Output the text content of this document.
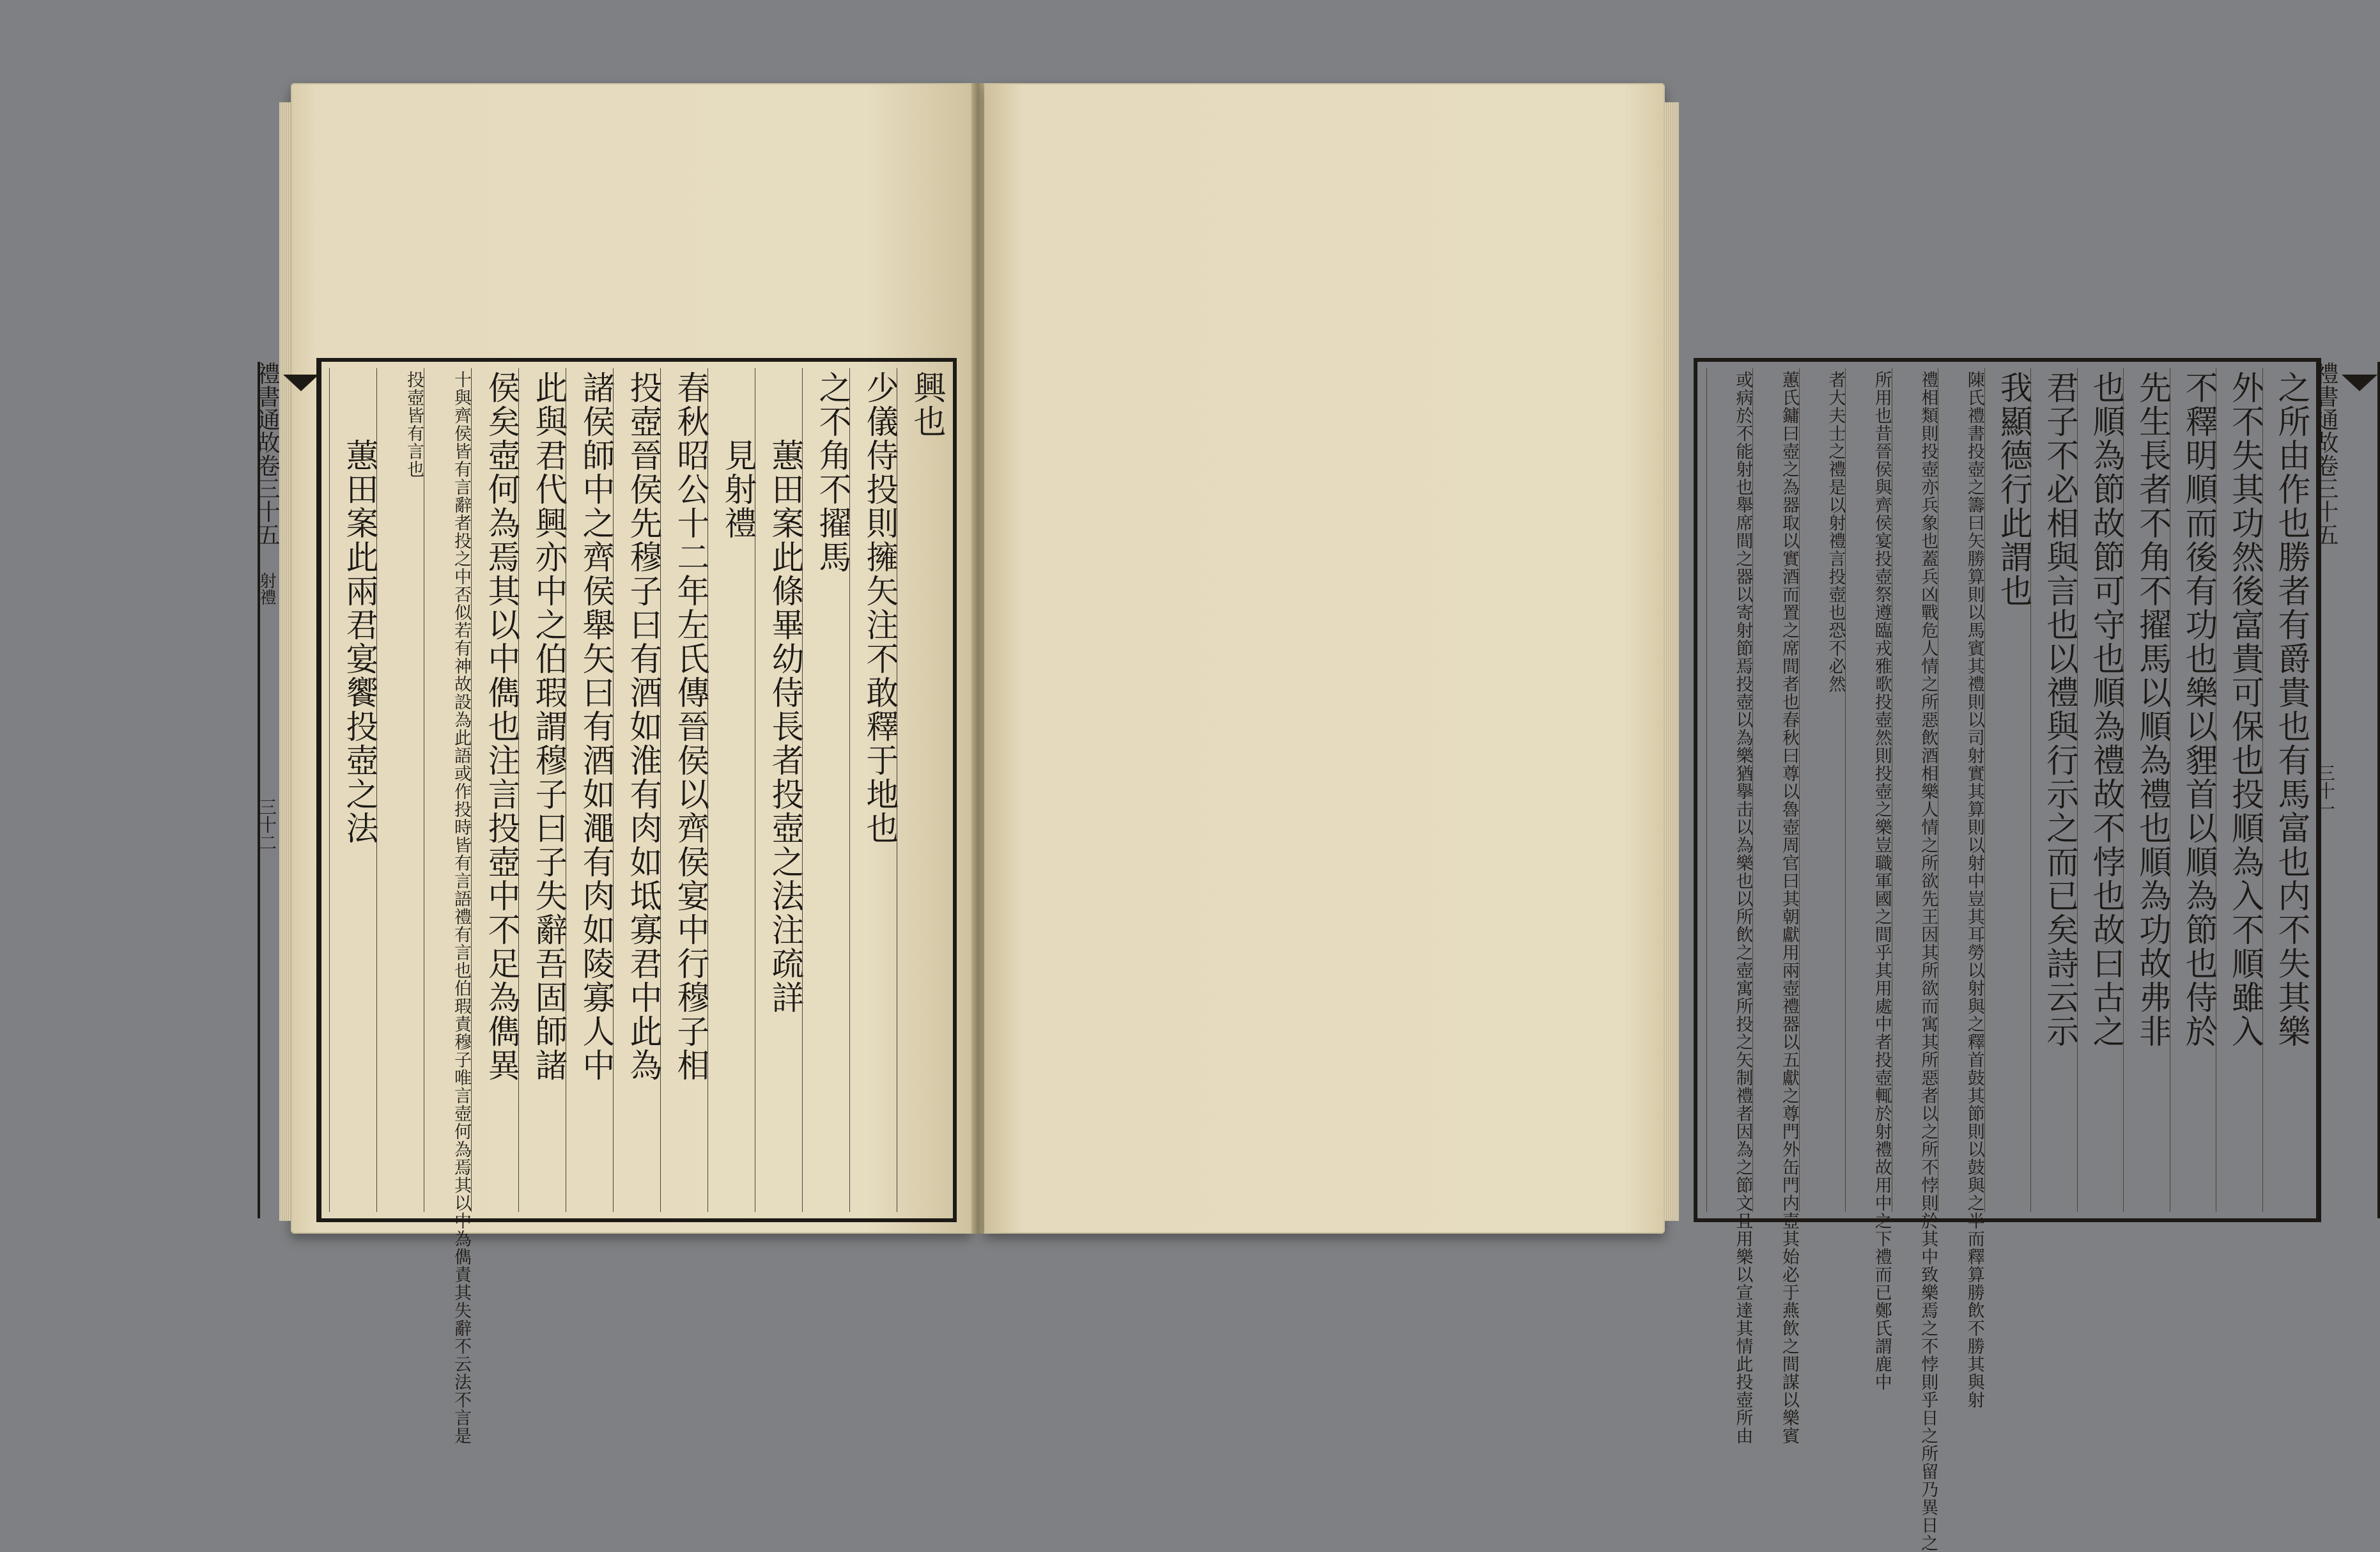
禮書通故卷三十五 射禮 三十二
興也
少儀侍投則擁矢注不敢釋于地也
之不角不擢馬
　　蕙田案此條畢幼侍長者投壺之法注疏詳
　　見射禮
春秋昭公十二年左氏傳晉侯以齊侯宴中行穆子相
投壺晉侯先穆子曰有酒如淮有肉如坻寡君中此為
諸侯師中之齊侯舉矢曰有酒如澠有肉如陵寡人中
此與君代興亦中之伯瑕謂穆子曰子失辭吾固師諸
侯矣壺何為焉其以中儁也注言投壺中不足為儁異
十與齊侯皆有言辭者投之中否似若有神故設為此語或作投時皆有言語禮
有言也伯瑕責穆子唯言壺何為焉其以中為儁責其失辭不云法不言是
投壺皆
有言也
　　蕙田案此兩君宴饗投壺之法	禮書通故卷三十五 三十一
之所由作也勝者有爵貴也有馬富也内不失其樂
外不失其功然後富貴可保也投順為入不順雖入
不釋明順而後有功也樂以貍首以順為節也侍於
先生長者不角不擢馬以順為禮也順為功故弗非
也順為節故節可守也順為禮故不悖也故曰古之
君子不必相與言也以禮與行示之而已矣詩云示
我顯德行此謂也
陳氏禮書投壺之籌曰矢勝算則以馬賓其禮則以司射實其算則以射中豈
其耳勞以射與之釋首鼓其節則以鼓與之半而釋算勝飲不勝其與射
禮相類則投壺亦兵象也蓋兵凶戰危人情之所惡飲酒相樂人情之所欲先
王因其所欲而寓其所惡者以之所不悖則於其中致樂焉之不悖則乎日之所留乃異日之
所用也昔晉侯與齊侯宴投壺祭遵臨戎雅歌投壺然則投壺之樂豈
職軍國之間乎其用處中者投壺輒於射禮故用中之下禮而已鄭氏謂鹿中
者大夫士之禮是以射
禮言投壺也恐不必然
蕙氏鏞曰壺之為器取以實酒而置之席間者也春秋曰尊以魯壺周官曰其
朝獻用兩壺禮器以五獻之尊門外缶門内壺其始必于燕飲之間謀以樂賓
或病於不能射也舉席間之器以寄射節焉投壺以為樂猶擧击以為樂也以
所飲之壺寓所投之矢制禮者因為之節文且用樂以宣達其情此投壺所由
